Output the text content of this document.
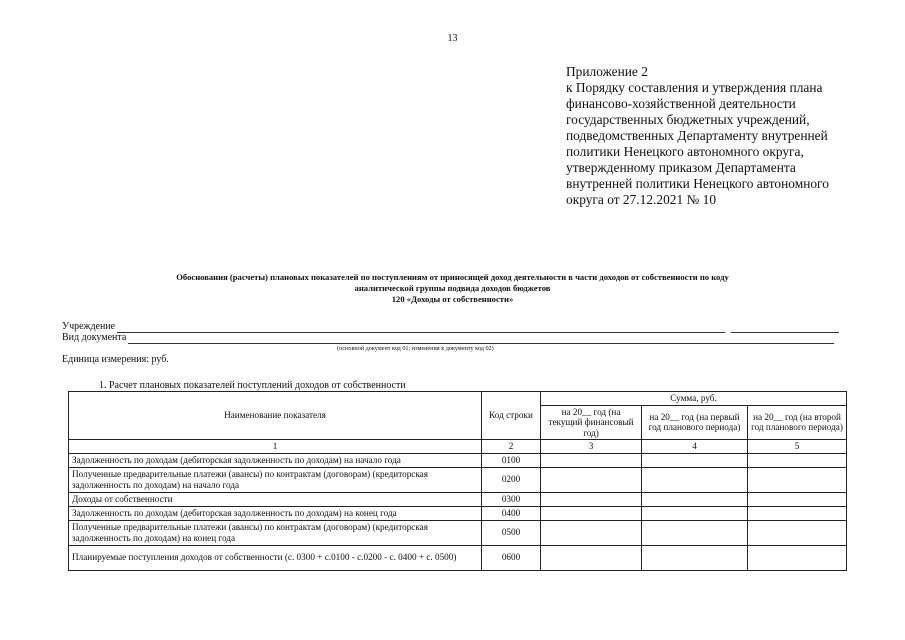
13
Приложение 2
к Порядку составления и утверждения плана
финансово-хозяйственной деятельности
государственных бюджетных учреждений,
подведомственных Департаменту внутренней
политики Ненецкого автономного округа,
утвержденному приказом Департамента
внутренней политики Ненецкого автономного
округа от 27.12.2021 № 10
Обоснования (расчеты) плановых показателей по поступлениям от приносящей доход деятельности в части доходов от собственности по коду
аналитической группы подвида доходов бюджетов
120 «Доходы от собственности»
Учреждение
Вид документа
(основной документ код 01; изменения к документу код 02)
Единица измерения: руб.
1. Расчет плановых показателей поступлений доходов от собственности
Наименование показателя	Код строки	Сумма, руб.		
		на 20__ год (на текущий финансовый год)	на 20__ год (на первый год планового периода)	на 20__ год (на второй год планового периода)
1	2	3	4	5
Задолженность по доходам (дебиторская задолженность по доходам) на начало года	0100			
Полученные предварительные платежи (авансы) по контрактам (договорам) (кредиторская задолженность по доходам) на начало года	0200			
Доходы от собственности	0300			
Задолженность по доходам (дебиторская задолженность по доходам) на конец года	0400			
Полученные предварительные платежи (авансы) по контрактам (договорам) (кредиторская задолженность по доходам) на конец года	0500			
Планируемые поступления доходов от собственности (с. 0300 + с.0100 - с.0200 - с. 0400 + с. 0500)	0600			
